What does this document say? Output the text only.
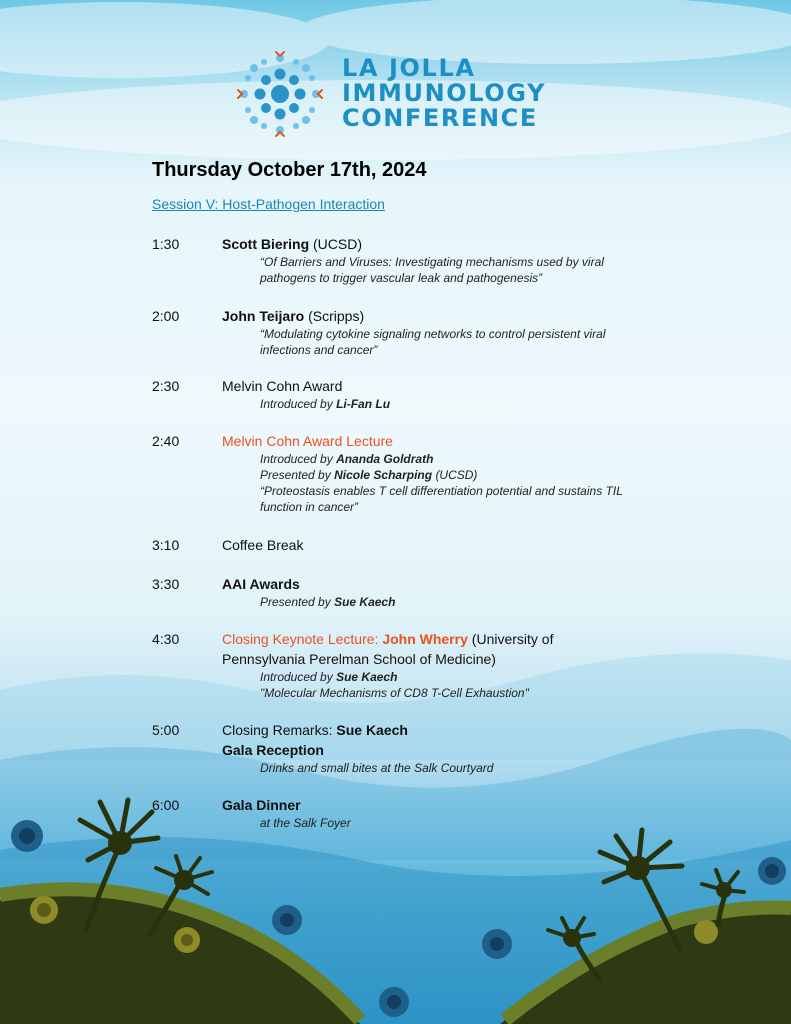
LA JOLLA
IMMUNOLOGY
CONFERENCE
Thursday October 17th, 2024
Session V: Host-Pathogen Interaction
1:30	Scott Biering (UCSD)
“Of Barriers and Viruses: Investigating mechanisms used by viral
pathogens to trigger vascular leak and pathogenesis”
2:00	John Teijaro (Scripps)
“Modulating cytokine signaling networks to control persistent viral
infections and cancer”
2:30	Melvin Cohn Award
Introduced by Li-Fan Lu
2:40	Melvin Cohn Award Lecture
Introduced by Ananda Goldrath
Presented by Nicole Scharping (UCSD)
“Proteostasis enables T cell differentiation potential and sustains TIL
function in cancer”
3:10	Coffee Break
3:30	AAI Awards
Presented by Sue Kaech
4:30	Closing Keynote Lecture: John Wherry (University of
Pennsylvania Perelman School of Medicine)
Introduced by Sue Kaech
"Molecular Mechanisms of CD8 T-Cell Exhaustion"
5:00	Closing Remarks: Sue Kaech
Gala Reception
Drinks and small bites at the Salk Courtyard
6:00	Gala Dinner
at the Salk Foyer
